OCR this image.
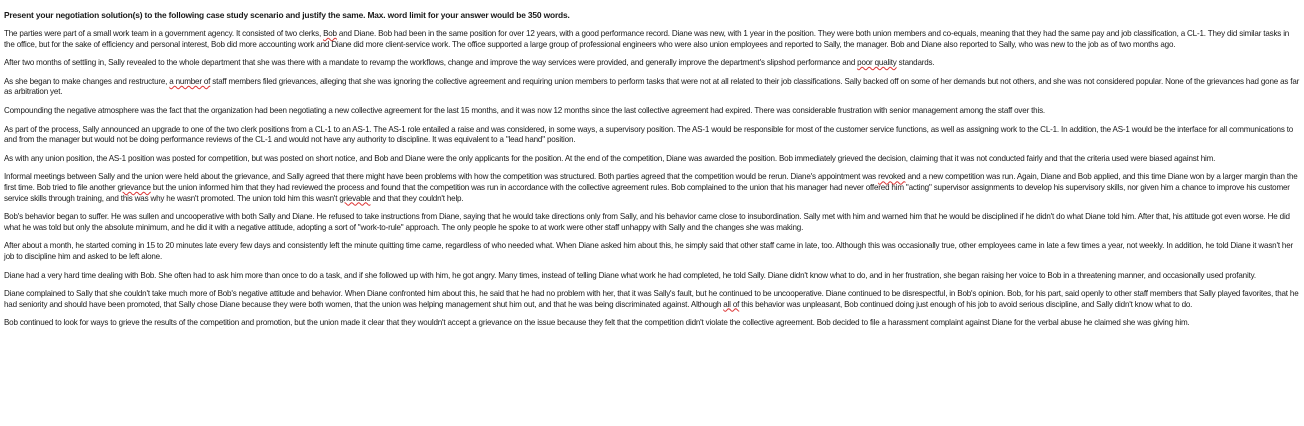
Present your negotiation solution(s) to the following case study scenario and justify the same. Max. word limit for your answer would be 350 words.

The parties were part of a small work team in a government agency. It consisted of two clerks, Bob and Diane. Bob had been in the same position for over 12 years, with a good performance record. Diane was new, with 1 year in the position. They were both union members and co-equals, meaning that they had the same pay and job classification, a CL-1. They did similar tasks in the office, but for the sake of efficiency and personal interest, Bob did more accounting work and Diane did more client-service work. The office supported a large group of professional engineers who were also union employees and reported to Sally, the manager. Bob and Diane also reported to Sally, who was new to the job as of two months ago.

After two months of settling in, Sally revealed to the whole department that she was there with a mandate to revamp the workflows, change and improve the way services were provided, and generally improve the department's slipshod performance and poor quality standards.

As she began to make changes and restructure, a number of staff members filed grievances, alleging that she was ignoring the collective agreement and requiring union members to perform tasks that were not at all related to their job classifications. Sally backed off on some of her demands but not others, and she was not considered popular. None of the grievances had gone as far as arbitration yet.

Compounding the negative atmosphere was the fact that the organization had been negotiating a new collective agreement for the last 15 months, and it was now 12 months since the last collective agreement had expired. There was considerable frustration with senior management among the staff over this.

As part of the process, Sally announced an upgrade to one of the two clerk positions from a CL-1 to an AS-1. The AS-1 role entailed a raise and was considered, in some ways, a supervisory position. The AS-1 would be responsible for most of the customer service functions, as well as assigning work to the CL-1. In addition, the AS-1 would be the interface for all communications to and from the manager but would not be doing performance reviews of the CL-1 and would not have any authority to discipline. It was equivalent to a "lead hand" position.

As with any union position, the AS-1 position was posted for competition, but was posted on short notice, and Bob and Diane were the only applicants for the position. At the end of the competition, Diane was awarded the position. Bob immediately grieved the decision, claiming that it was not conducted fairly and that the criteria used were biased against him.

Informal meetings between Sally and the union were held about the grievance, and Sally agreed that there might have been problems with how the competition was structured. Both parties agreed that the competition would be rerun. Diane's appointment was revoked and a new competition was run. Again, Diane and Bob applied, and this time Diane won by a larger margin than the first time. Bob tried to file another grievance but the union informed him that they had reviewed the process and found that the competition was run in accordance with the collective agreement rules. Bob complained to the union that his manager had never offered him "acting" supervisor assignments to develop his supervisory skills, nor given him a chance to improve his customer service skills through training, and this was why he wasn't promoted. The union told him this wasn't grievable and that they couldn't help.

Bob's behavior began to suffer. He was sullen and uncooperative with both Sally and Diane. He refused to take instructions from Diane, saying that he would take directions only from Sally, and his behavior came close to insubordination. Sally met with him and warned him that he would be disciplined if he didn't do what Diane told him. After that, his attitude got even worse. He did what he was told but only the absolute minimum, and he did it with a negative attitude, adopting a sort of "work-to-rule" approach. The only people he spoke to at work were other staff unhappy with Sally and the changes she was making.

After about a month, he started coming in 15 to 20 minutes late every few days and consistently left the minute quitting time came, regardless of who needed what. When Diane asked him about this, he simply said that other staff came in late, too. Although this was occasionally true, other employees came in late a few times a year, not weekly. In addition, he told Diane it wasn't her job to discipline him and asked to be left alone.

Diane had a very hard time dealing with Bob. She often had to ask him more than once to do a task, and if she followed up with him, he got angry. Many times, instead of telling Diane what work he had completed, he told Sally. Diane didn't know what to do, and in her frustration, she began raising her voice to Bob in a threatening manner, and occasionally used profanity.

Diane complained to Sally that she couldn't take much more of Bob's negative attitude and behavior. When Diane confronted him about this, he said that he had no problem with her, that it was Sally's fault, but he continued to be uncooperative. Diane continued to be disrespectful, in Bob's opinion. Bob, for his part, said openly to other staff members that Sally played favorites, that he had seniority and should have been promoted, that Sally chose Diane because they were both women, that the union was helping management shut him out, and that he was being discriminated against. Although all of this behavior was unpleasant, Bob continued doing just enough of his job to avoid serious discipline, and Sally didn't know what to do.

Bob continued to look for ways to grieve the results of the competition and promotion, but the union made it clear that they wouldn't accept a grievance on the issue because they felt that the competition didn't violate the collective agreement. Bob decided to file a harassment complaint against Diane for the verbal abuse he claimed she was giving him.
